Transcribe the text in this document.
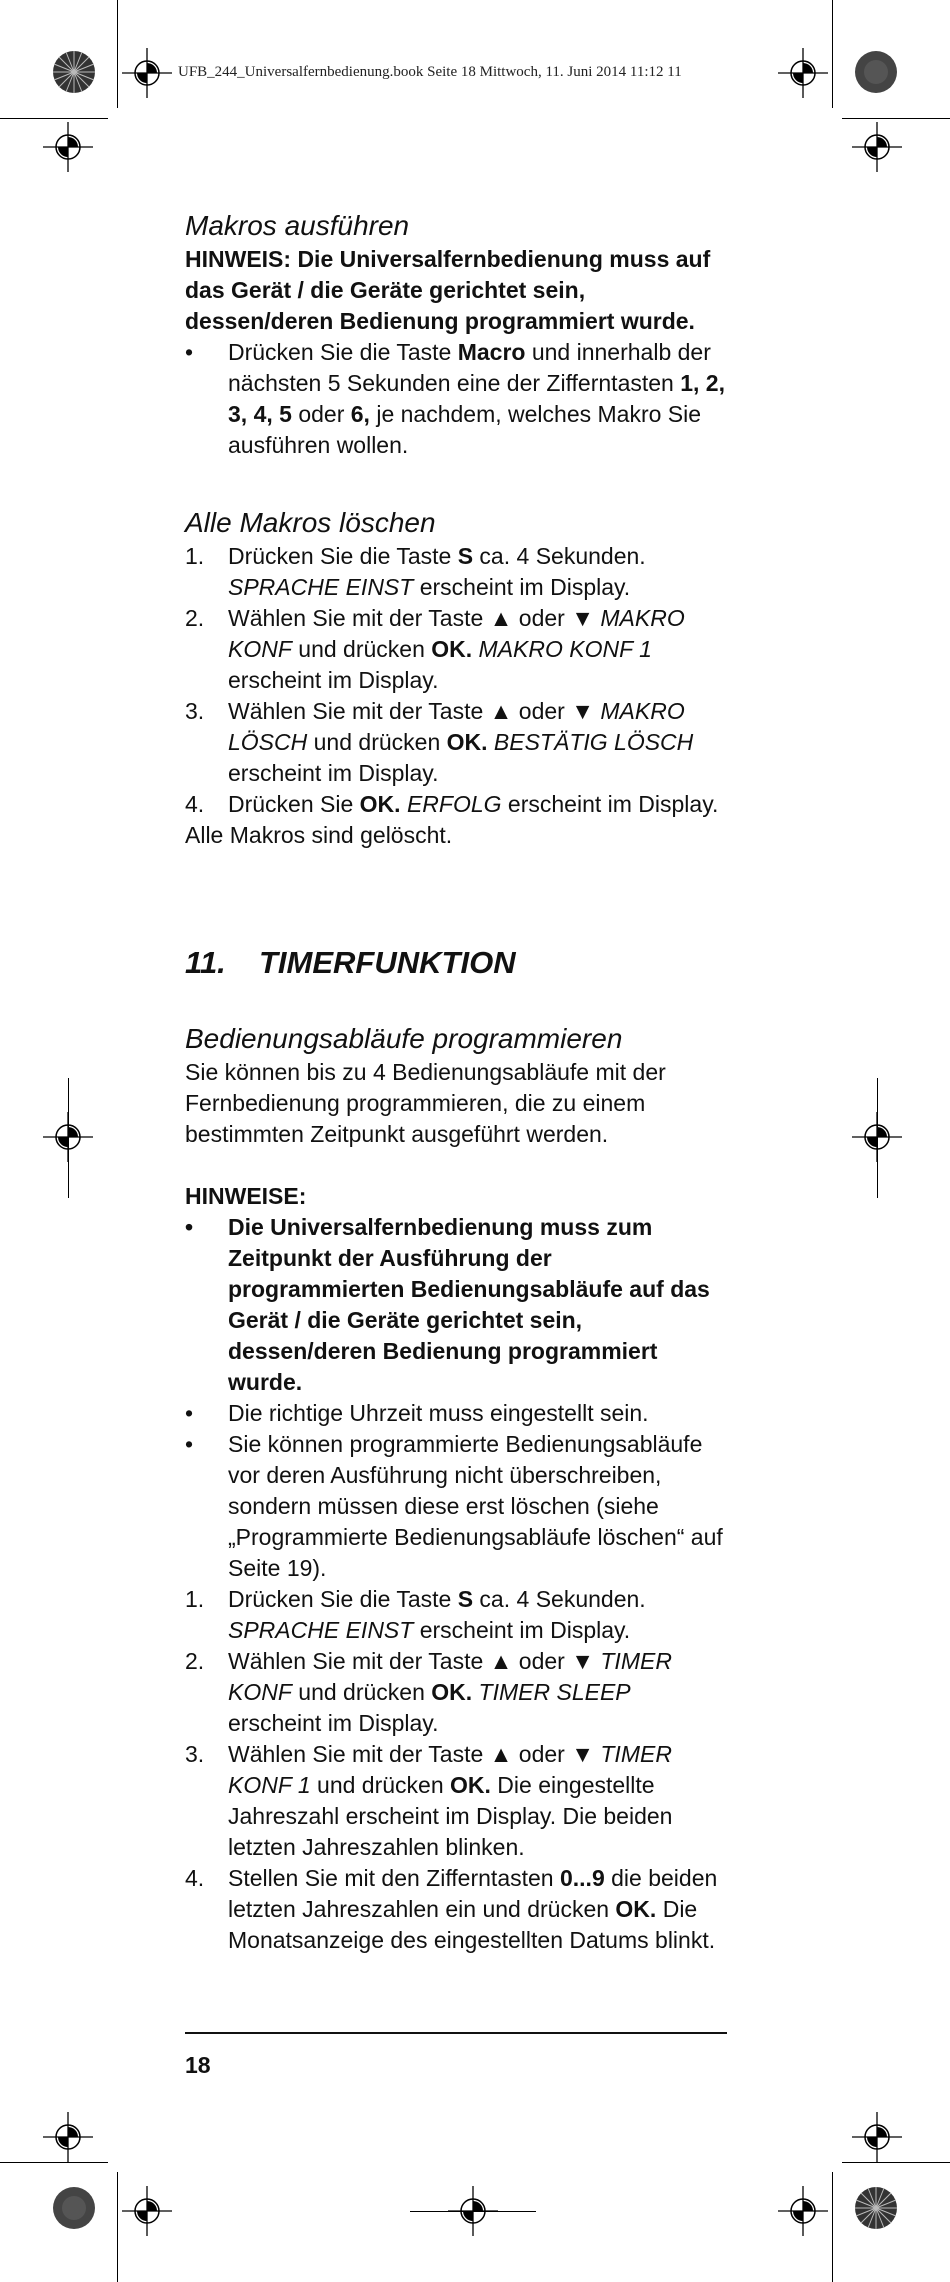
UFB_244_Universalfernbedienung.book Seite 18 Mittwoch, 11. Juni 2014 11:12 11
Makros ausführen

HINWEIS: Die Universalfernbedienung muss auf das Gerät / die Geräte gerichtet sein, dessen/deren Bedienung programmiert wurde.

•	Drücken Sie die Taste Macro und innerhalb der nächsten 5 Sekunden eine der Zifferntasten 1, 2, 3, 4, 5 oder 6, je nachdem, welches Makro Sie ausführen wollen.
Alle Makros löschen
1.	Drücken Sie die Taste S ca. 4 Sekunden. SPRACHE EINST erscheint im Display.
2.	Wählen Sie mit der Taste ▲ oder ▼ MAKRO KONF und drücken OK. MAKRO KONF 1 erscheint im Display.
3.	Wählen Sie mit der Taste ▲ oder ▼ MAKRO LÖSCH und drücken OK. BESTÄTIG LÖSCH erscheint im Display.
4.	Drücken Sie OK. ERFOLG erscheint im Display.

Alle Makros sind gelöscht.

11. TIMERFUNKTION
Bedienungsabläufe programmieren

Sie können bis zu 4 Bedienungsabläufe mit der Fernbedienung programmieren, die zu einem bestimmten Zeitpunkt ausgeführt werden.

HINWEISE:

•	Die Universalfernbedienung muss zum Zeitpunkt der Ausführung der programmierten Bedienungsabläufe auf das Gerät / die Geräte gerichtet sein, dessen/deren Bedienung programmiert wurde.
•	Die richtige Uhrzeit muss eingestellt sein.
•	Sie können programmierte Bedienungsabläufe vor deren Ausführung nicht überschreiben, sondern müssen diese erst löschen (siehe „Programmierte Bedienungsabläufe löschen“ auf Seite 19).
1.	Drücken Sie die Taste S ca. 4 Sekunden. SPRACHE EINST erscheint im Display.
2.	Wählen Sie mit der Taste ▲ oder ▼ TIMER KONF und drücken OK. TIMER SLEEP erscheint im Display.
3.	Wählen Sie mit der Taste ▲ oder ▼ TIMER KONF 1 und drücken OK. Die eingestellte Jahreszahl erscheint im Display. Die beiden letzten Jahreszahlen blinken.
4.	Stellen Sie mit den Zifferntasten 0...9 die beiden letzten Jahreszahlen ein und drücken OK. Die Monatsanzeige des eingestellten Datums blinkt.
18
